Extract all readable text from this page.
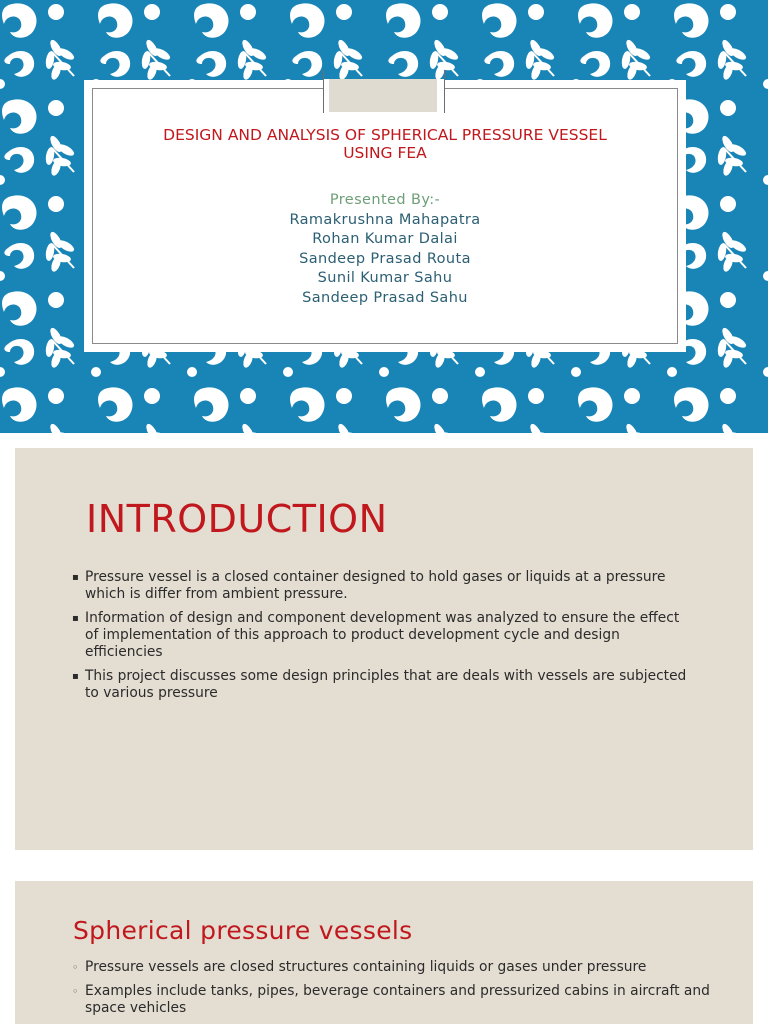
DESIGN AND ANALYSIS OF SPHERICAL PRESSURE VESSEL
USING FEA
Presented By:-
Ramakrushna Mahapatra
Rohan Kumar Dalai
Sandeep Prasad Routa
Sunil Kumar Sahu
Sandeep Prasad Sahu
INTRODUCTION
▪ Pressure vessel is a closed container designed to hold gases or liquids at a pressure which is differ from ambient pressure.
▪ Information of design and component development was analyzed to ensure the effect of implementation of this approach to product development cycle and design efficiencies
▪ This project discusses some design principles that are deals with vessels are subjected to various pressure
Spherical pressure vessels
◦ Pressure vessels are closed structures containing liquids or gases under pressure
◦ Examples include tanks, pipes, beverage containers and pressurized cabins in aircraft and space vehicles
